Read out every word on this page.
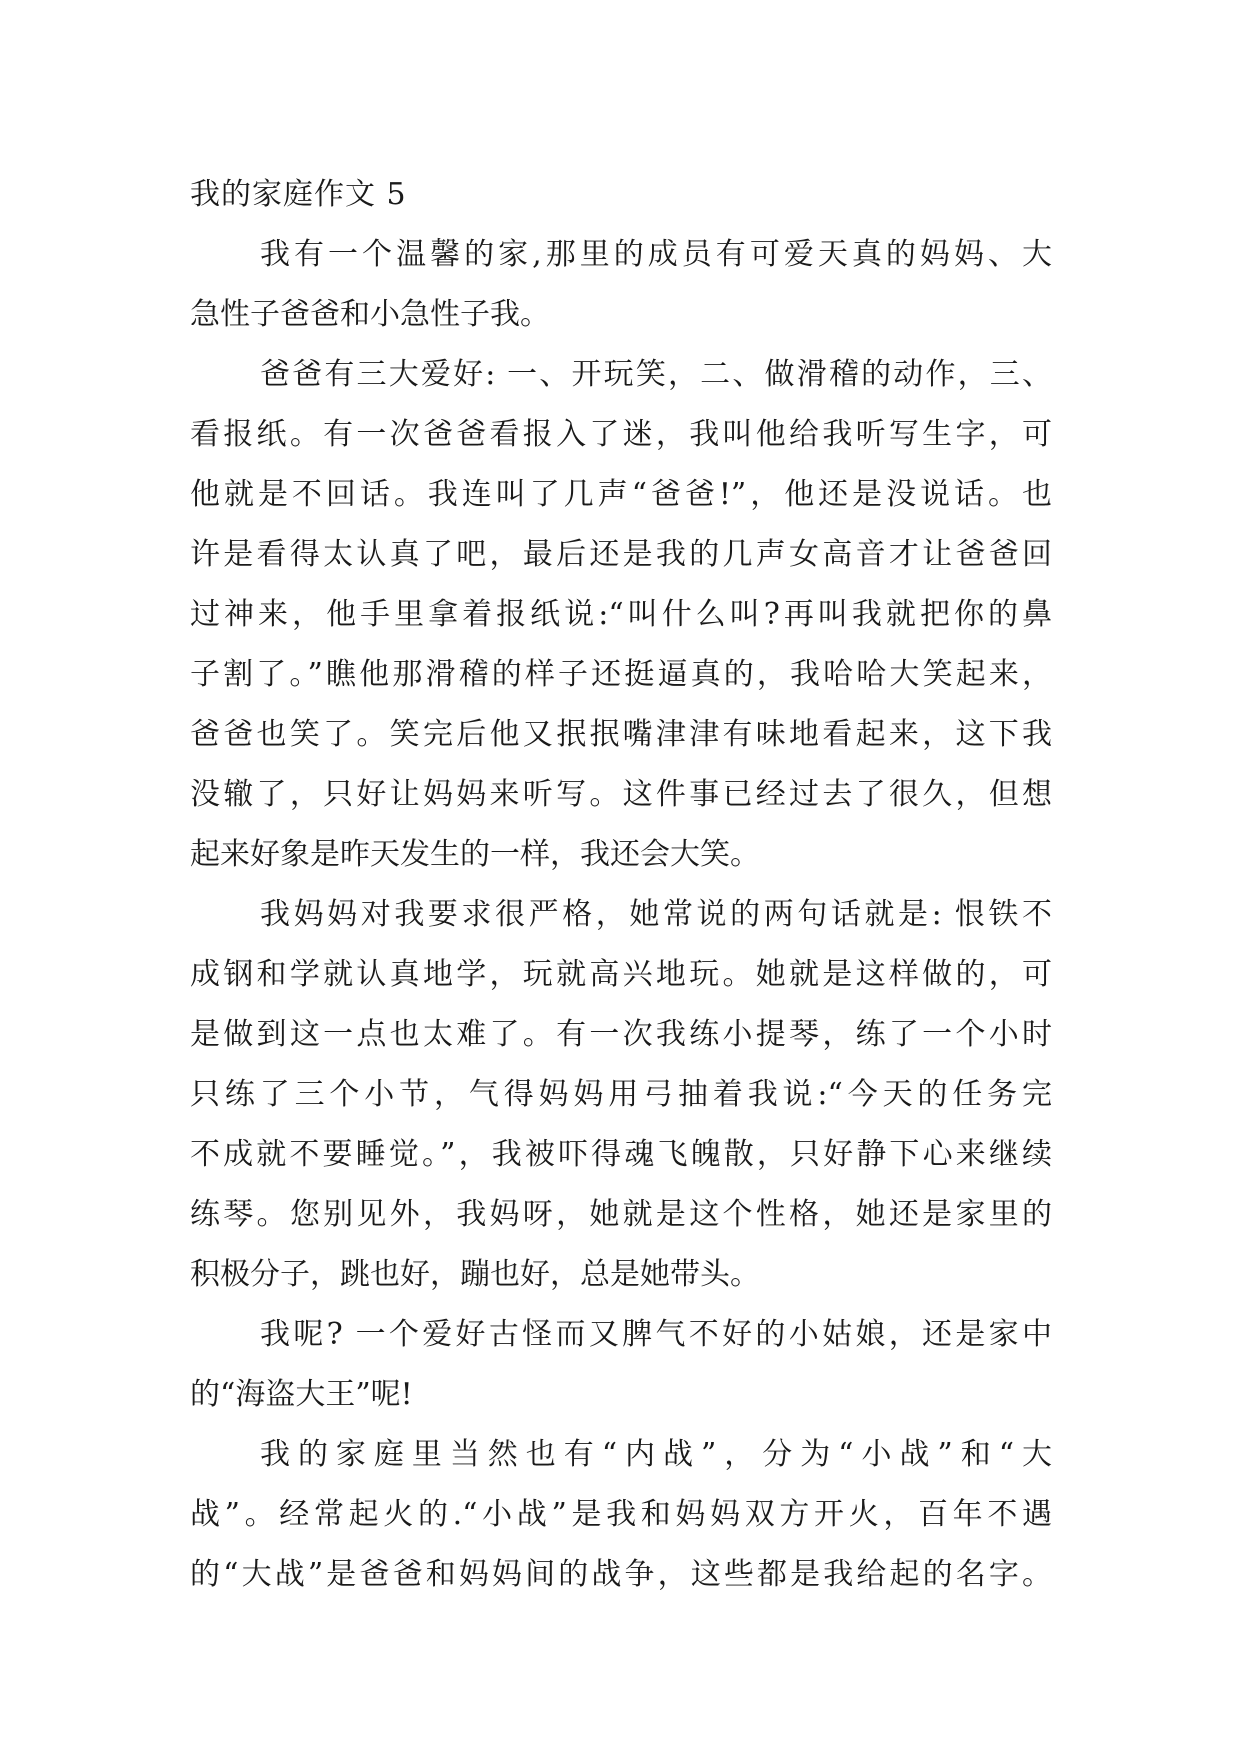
我的家庭作文 5
我有一个温馨的家,那里的成员有可爱天真的妈妈、大
急性子爸爸和小急性子我。
爸爸有三大爱好: 一、开玩笑，二、做滑稽的动作，三、
看报纸。有一次爸爸看报入了迷，我叫他给我听写生字，可
他就是不回话。我连叫了几声“爸爸!”，他还是没说话。也
许是看得太认真了吧，最后还是我的几声女高音才让爸爸回
过神来，他手里拿着报纸说:“叫什么叫?再叫我就把你的鼻
子割了。”瞧他那滑稽的样子还挺逼真的，我哈哈大笑起来，
爸爸也笑了。笑完后他又抿抿嘴津津有味地看起来，这下我
没辙了，只好让妈妈来听写。这件事已经过去了很久，但想
起来好象是昨天发生的一样，我还会大笑。
我妈妈对我要求很严格，她常说的两句话就是: 恨铁不
成钢和学就认真地学，玩就高兴地玩。她就是这样做的，可
是做到这一点也太难了。有一次我练小提琴，练了一个小时
只练了三个小节，气得妈妈用弓抽着我说:“今天的任务完
不成就不要睡觉。”，我被吓得魂飞魄散，只好静下心来继续
练琴。您别见外，我妈呀，她就是这个性格，她还是家里的
积极分子，跳也好，蹦也好，总是她带头。
我呢? 一个爱好古怪而又脾气不好的小姑娘，还是家中
的“海盗大王”呢!
我的家庭里当然也有“内战”，分为“小战”和“大
战”。经常起火的.“小战”是我和妈妈双方开火，百年不遇
的“大战”是爸爸和妈妈间的战争，这些都是我给起的名字。
